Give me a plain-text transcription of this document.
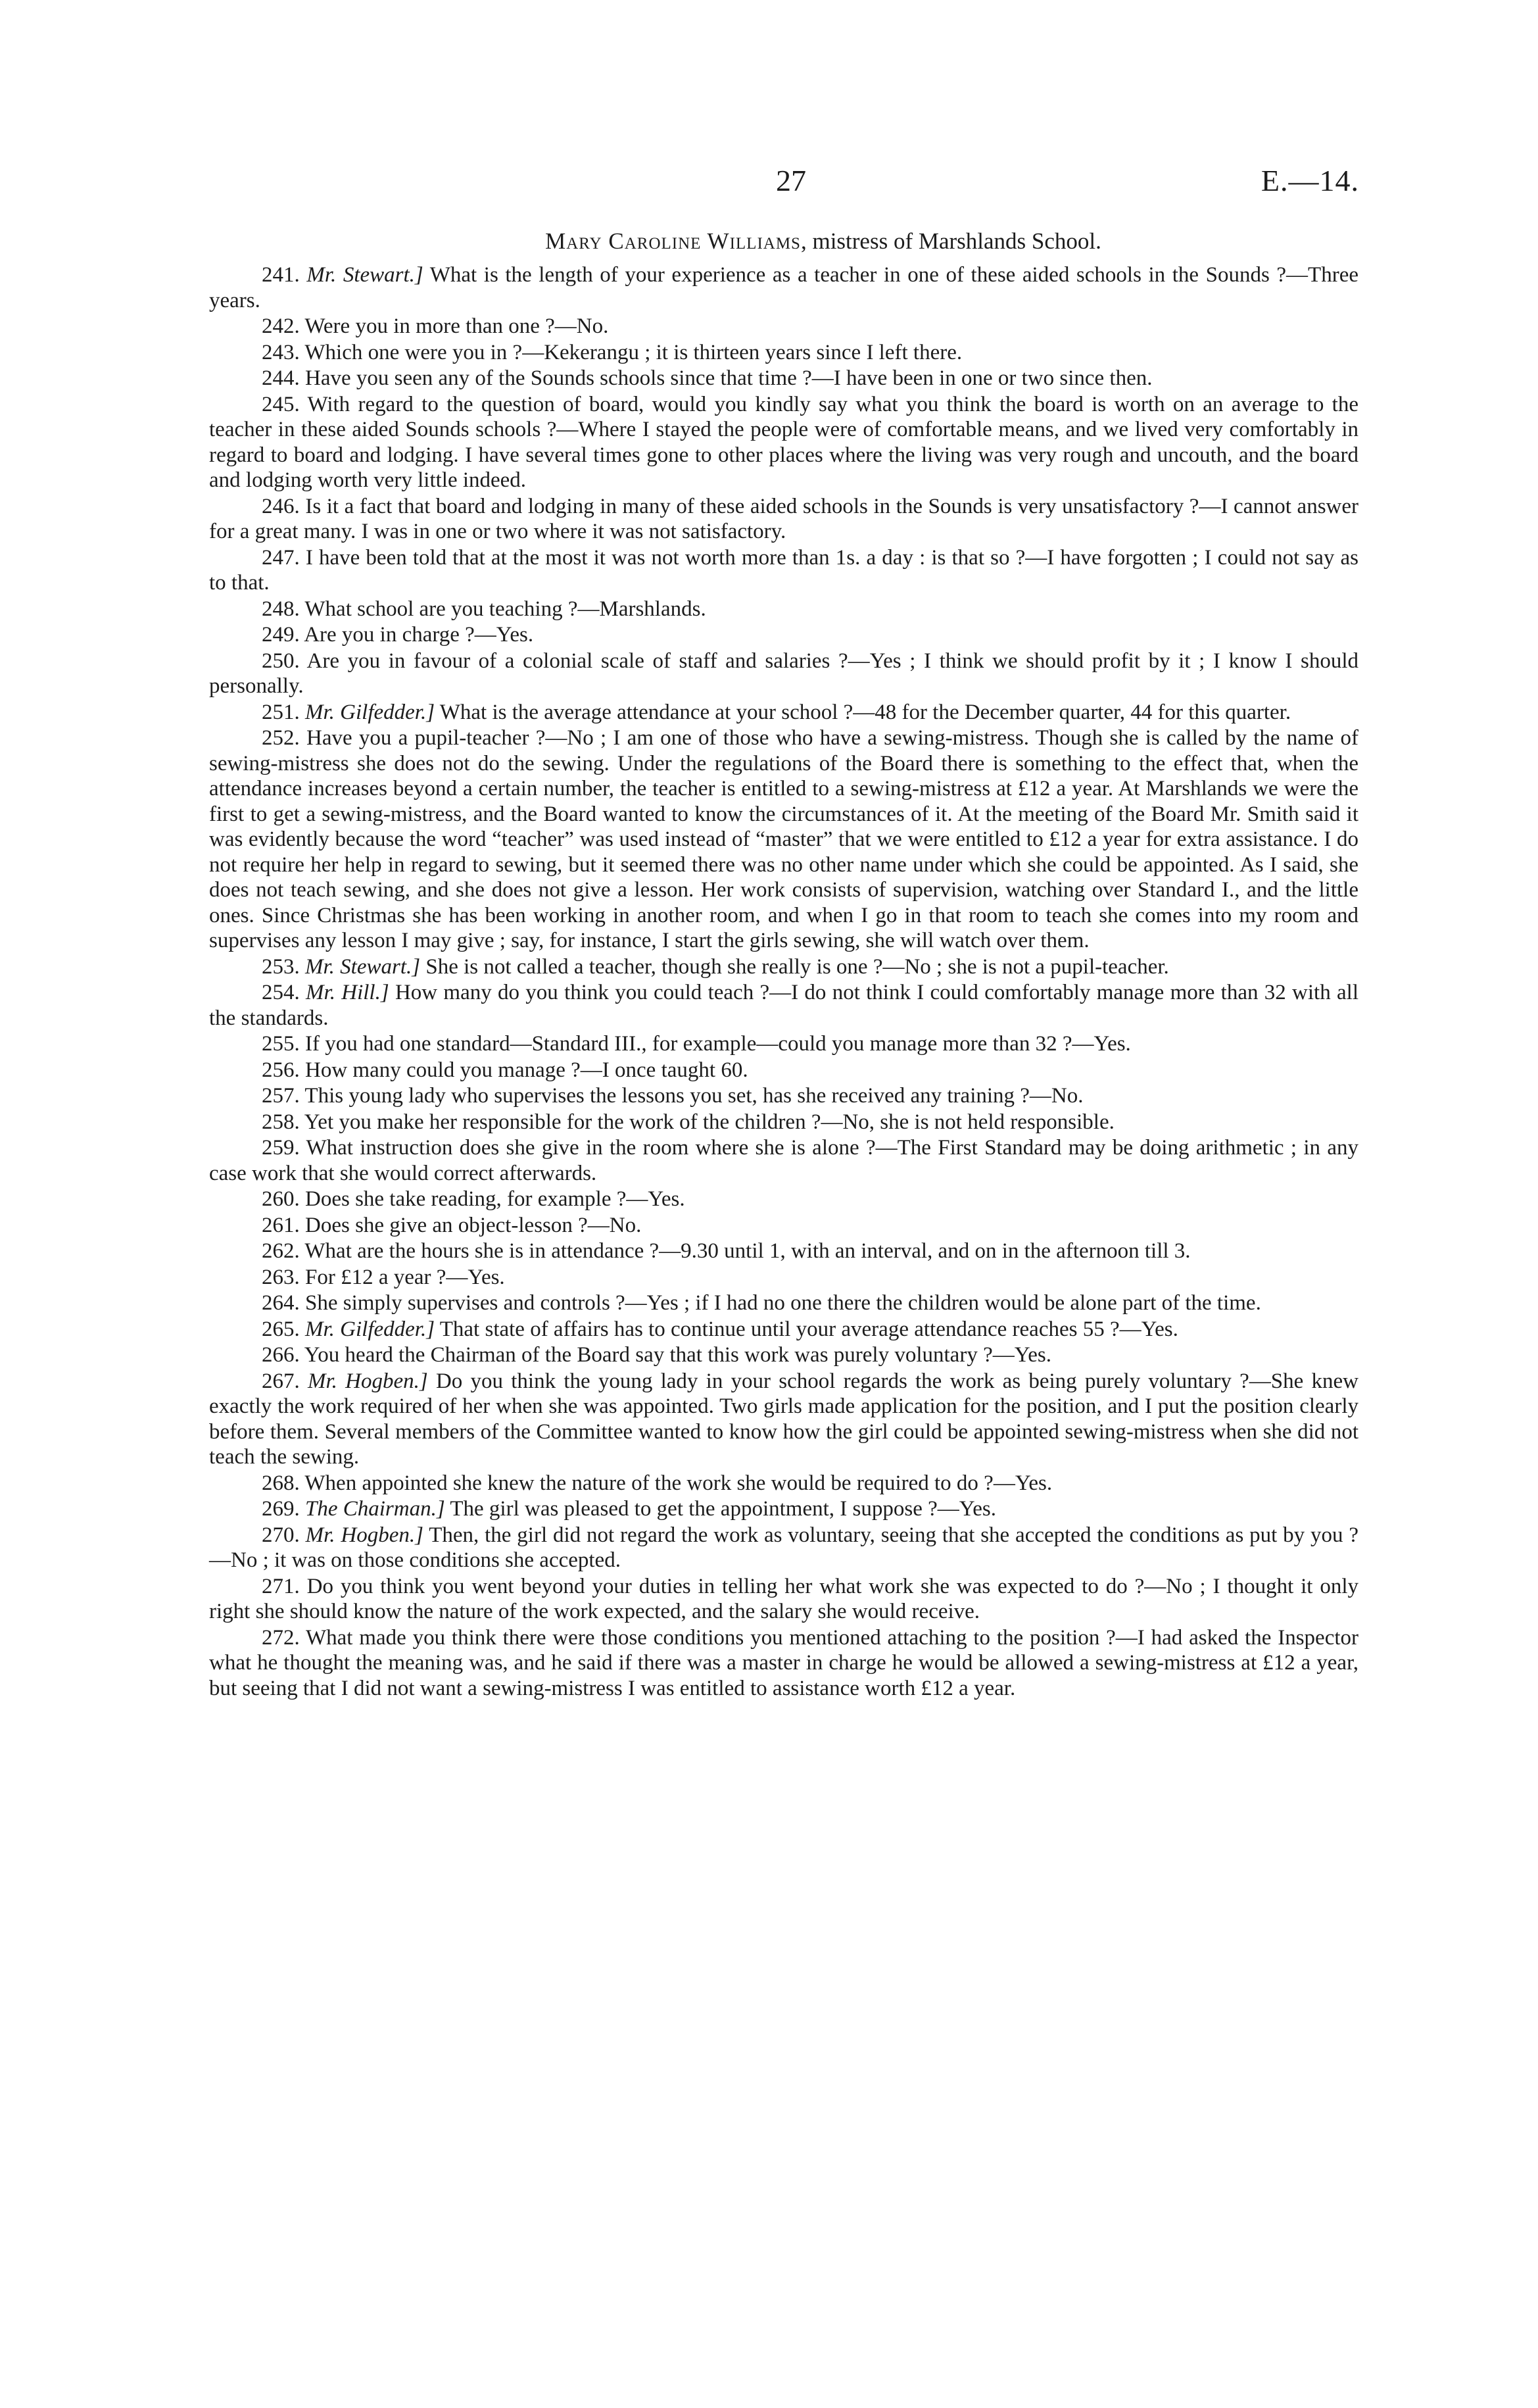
27	E.—14.

Mary Caroline Williams, mistress of Marshlands School.

241. Mr. Stewart.] What is the length of your experience as a teacher in one of these aided schools in the Sounds ?—Three years.

242. Were you in more than one ?—No.

243. Which one were you in ?—Kekerangu ; it is thirteen years since I left there.

244. Have you seen any of the Sounds schools since that time ?—I have been in one or two since then.

245. With regard to the question of board, would you kindly say what you think the board is worth on an average to the teacher in these aided Sounds schools ?—Where I stayed the people were of comfortable means, and we lived very comfortably in regard to board and lodging. I have several times gone to other places where the living was very rough and uncouth, and the board and lodging worth very little indeed.

246. Is it a fact that board and lodging in many of these aided schools in the Sounds is very unsatisfactory ?—I cannot answer for a great many. I was in one or two where it was not satisfactory.

247. I have been told that at the most it was not worth more than 1s. a day : is that so ?—I have forgotten ; I could not say as to that.

248. What school are you teaching ?—Marshlands.

249. Are you in charge ?—Yes.

250. Are you in favour of a colonial scale of staff and salaries ?—Yes ; I think we should profit by it ; I know I should personally.

251. Mr. Gilfedder.] What is the average attendance at your school ?—48 for the December quarter, 44 for this quarter.

252. Have you a pupil-teacher ?—No ; I am one of those who have a sewing-mistress. Though she is called by the name of sewing-mistress she does not do the sewing. Under the regulations of the Board there is something to the effect that, when the attendance increases beyond a certain number, the teacher is entitled to a sewing-mistress at £12 a year. At Marshlands we were the first to get a sewing-mistress, and the Board wanted to know the circumstances of it. At the meeting of the Board Mr. Smith said it was evidently because the word “teacher” was used instead of “master” that we were entitled to £12 a year for extra assistance. I do not require her help in regard to sewing, but it seemed there was no other name under which she could be appointed. As I said, she does not teach sewing, and she does not give a lesson. Her work consists of supervision, watching over Standard I., and the little ones. Since Christmas she has been working in another room, and when I go in that room to teach she comes into my room and supervises any lesson I may give ; say, for instance, I start the girls sewing, she will watch over them.

253. Mr. Stewart.] She is not called a teacher, though she really is one ?—No ; she is not a pupil-teacher.

254. Mr. Hill.] How many do you think you could teach ?—I do not think I could comfortably manage more than 32 with all the standards.

255. If you had one standard—Standard III., for example—could you manage more than 32 ?—Yes.

256. How many could you manage ?—I once taught 60.

257. This young lady who supervises the lessons you set, has she received any training ?—No.

258. Yet you make her responsible for the work of the children ?—No, she is not held responsible.

259. What instruction does she give in the room where she is alone ?—The First Standard may be doing arithmetic ; in any case work that she would correct afterwards.

260. Does she take reading, for example ?—Yes.

261. Does she give an object-lesson ?—No.

262. What are the hours she is in attendance ?—9.30 until 1, with an interval, and on in the afternoon till 3.

263. For £12 a year ?—Yes.

264. She simply supervises and controls ?—Yes ; if I had no one there the children would be alone part of the time.

265. Mr. Gilfedder.] That state of affairs has to continue until your average attendance reaches 55 ?—Yes.

266. You heard the Chairman of the Board say that this work was purely voluntary ?—Yes.

267. Mr. Hogben.] Do you think the young lady in your school regards the work as being purely voluntary ?—She knew exactly the work required of her when she was appointed. Two girls made application for the position, and I put the position clearly before them. Several members of the Committee wanted to know how the girl could be appointed sewing-mistress when she did not teach the sewing.

268. When appointed she knew the nature of the work she would be required to do ?—Yes.

269. The Chairman.] The girl was pleased to get the appointment, I suppose ?—Yes.

270. Mr. Hogben.] Then, the girl did not regard the work as voluntary, seeing that she accepted the conditions as put by you ?—No ; it was on those conditions she accepted.

271. Do you think you went beyond your duties in telling her what work she was expected to do ?—No ; I thought it only right she should know the nature of the work expected, and the salary she would receive.

272. What made you think there were those conditions you mentioned attaching to the position ?—I had asked the Inspector what he thought the meaning was, and he said if there was a master in charge he would be allowed a sewing-mistress at £12 a year, but seeing that I did not want a sewing-mistress I was entitled to assistance worth £12 a year.
